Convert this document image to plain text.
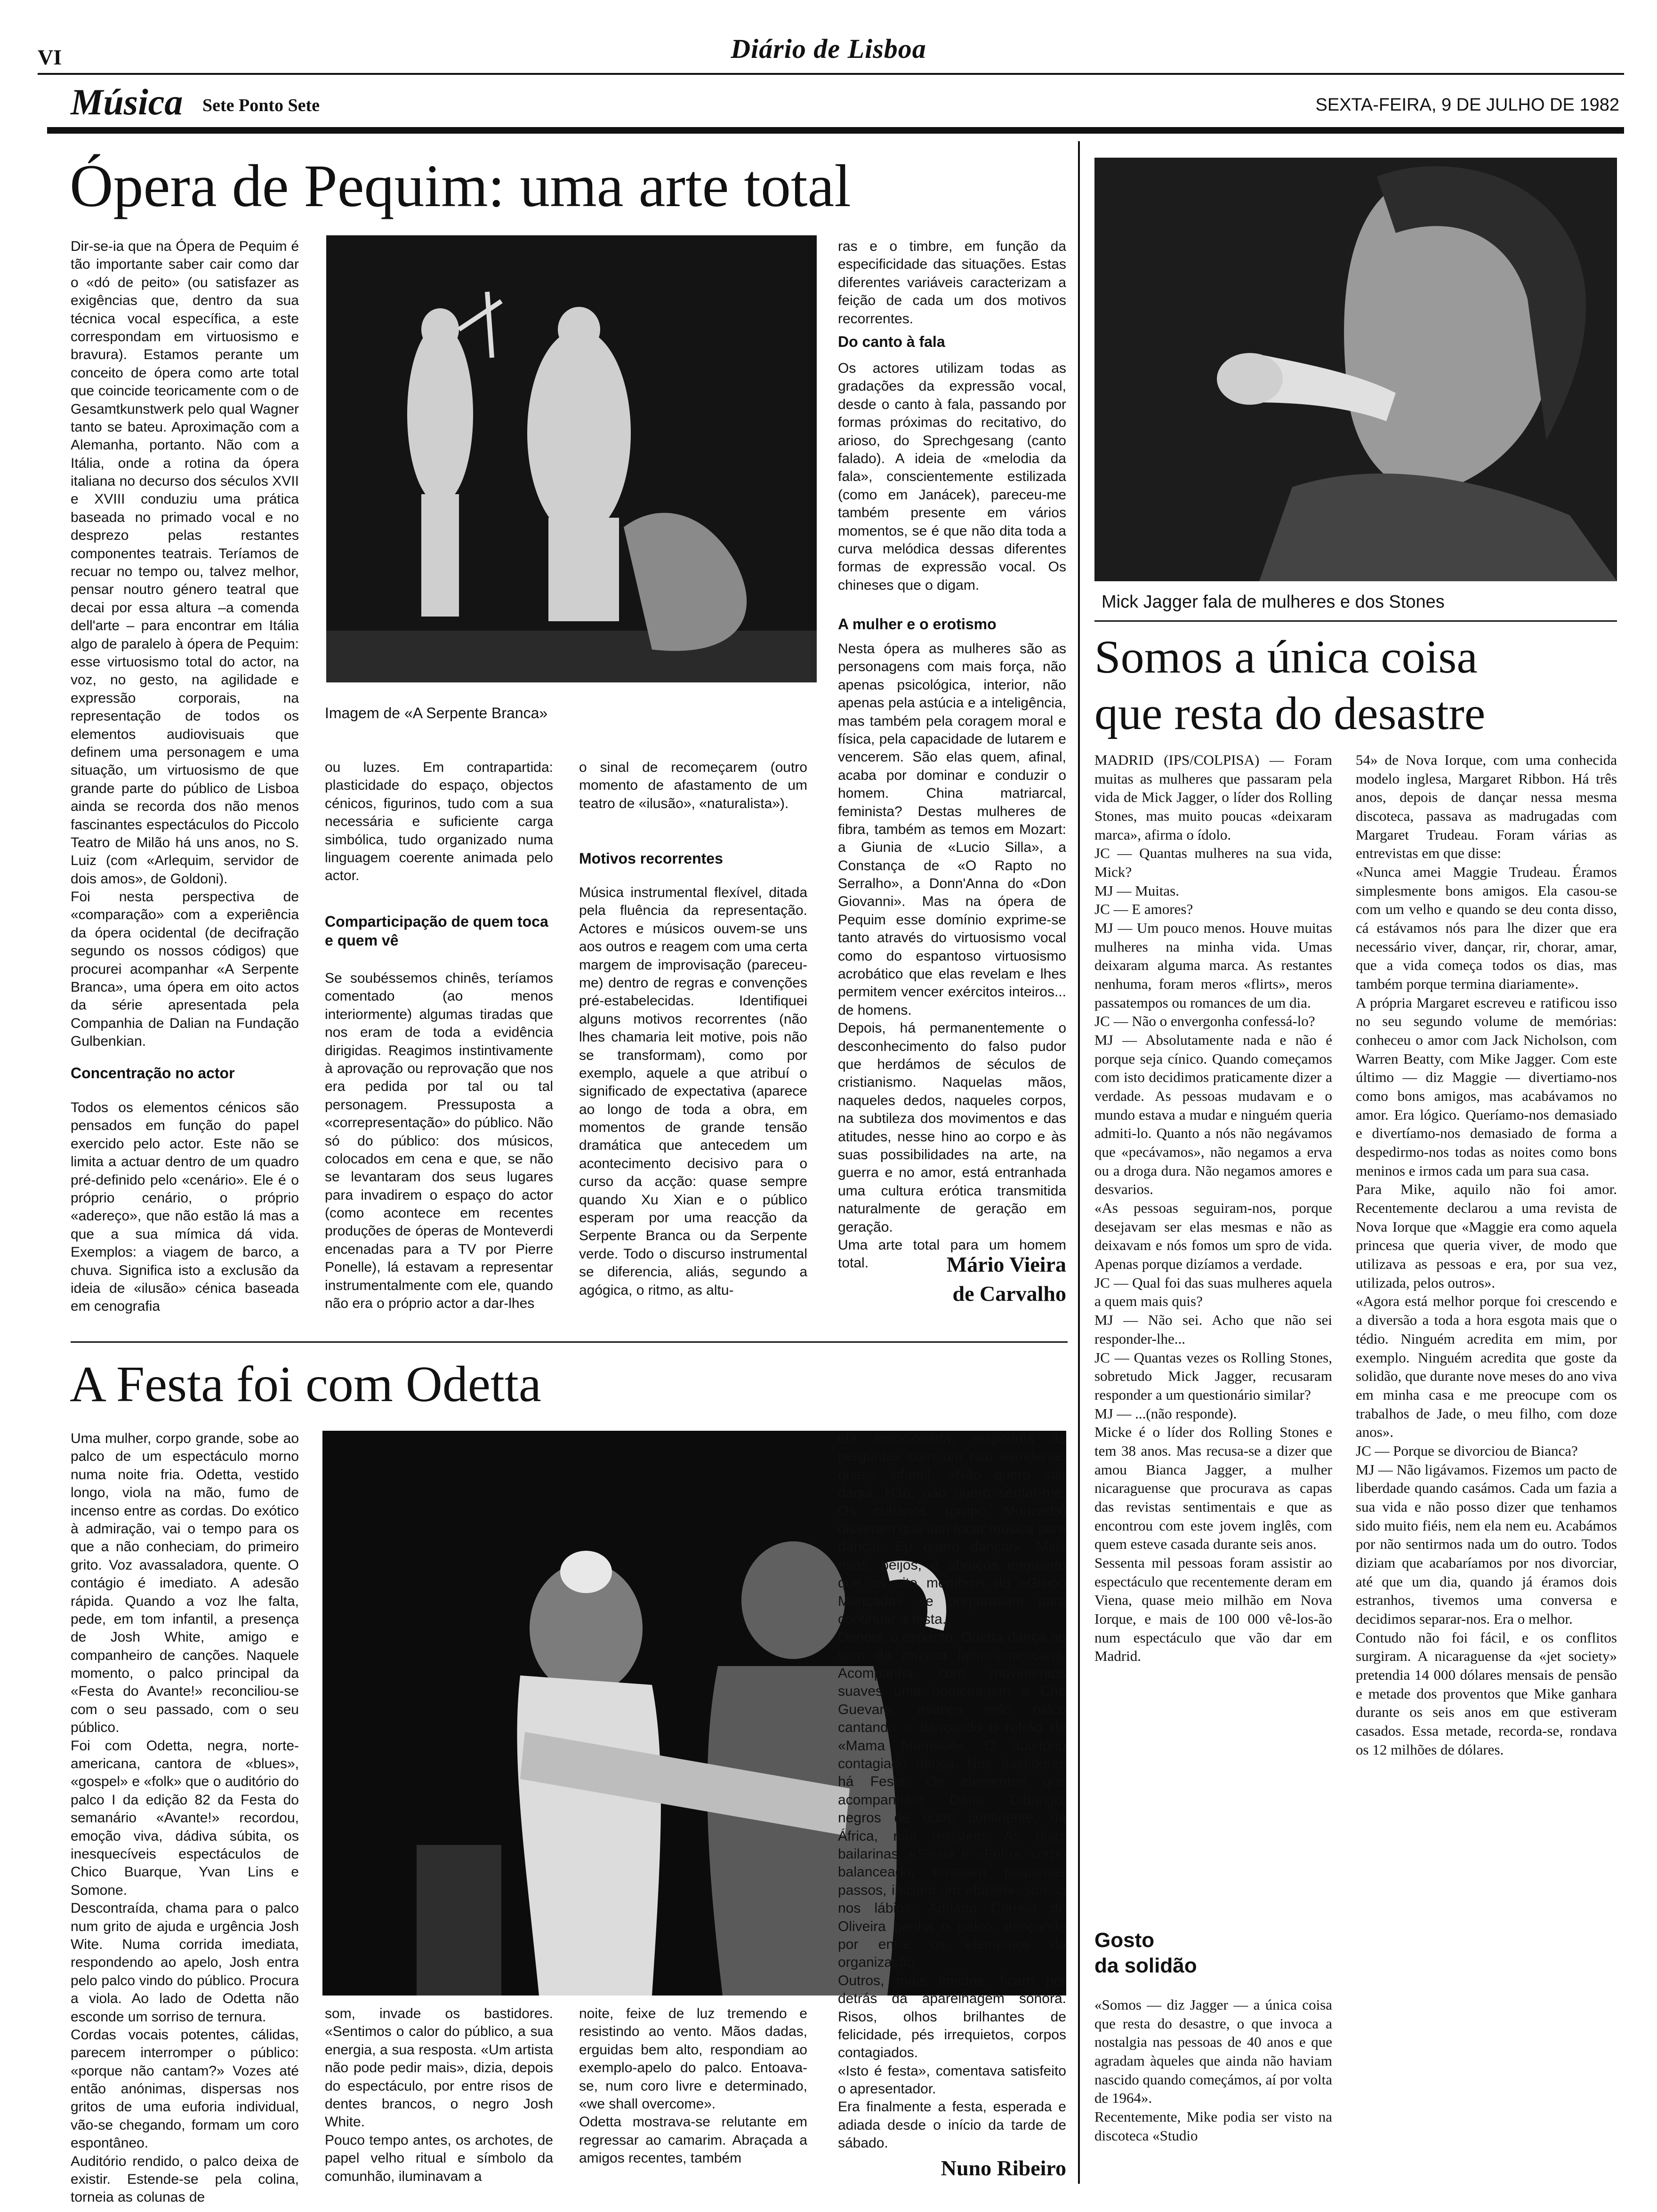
VI	Diário de Lisboa
Música Sete Ponto Sete	SEXTA-FEIRA, 9 DE JULHO DE 1982
Ópera de Pequim: uma arte total
Dir-se-ia que na Ópera de Pequim é tão importante saber cair como dar o «dó de peito» (ou satisfazer as exigências que, dentro da sua técnica vocal específica, a este correspondam em virtuosismo e bravura). Estamos perante um conceito de ópera como arte total que coincide teoricamente com o de Gesamtkunstwerk pelo qual Wagner tanto se bateu. Aproximação com a Alemanha, portanto. Não com a Itália, onde a rotina da ópera italiana no decurso dos séculos XVII e XVIII conduziu uma prática baseada no primado vocal e no desprezo pelas restantes componentes teatrais. Teríamos de recuar no tempo ou, talvez melhor, pensar noutro género teatral que decai por essa altura –a comenda dell'arte – para encontrar em Itália algo de paralelo à ópera de Pequim: esse virtuosismo total do actor, na voz, no gesto, na agilidade e expressão corporais, na representação de todos os elementos audiovisuais que definem uma personagem e uma situação, um virtuosismo de que grande parte do público de Lisboa ainda se recorda dos não menos fascinantes espectáculos do Piccolo Teatro de Milão há uns anos, no S. Luiz (com «Arlequim, servidor de dois amos», de Goldoni).
Foi nesta perspectiva de «comparação» com a experiência da ópera ocidental (de decifração segundo os nossos códigos) que procurei acompanhar «A Serpente Branca», uma ópera em oito actos da série apresentada pela Companhia de Dalian na Fundação Gulbenkian.
Concentração no actor
Todos os elementos cénicos são pensados em função do papel exercido pelo actor. Este não se limita a actuar dentro de um quadro pré-definido pelo «cenário». Ele é o próprio cenário, o próprio «adereço», que não estão lá mas a que a sua mímica dá vida. Exemplos: a viagem de barco, a chuva. Significa isto a exclusão da ideia de «ilusão» cénica baseada em cenografia
Imagem de «A Serpente Branca»
ou luzes. Em contrapartida: plasticidade do espaço, objectos cénicos, figurinos, tudo com a sua necessária e suficiente carga simbólica, tudo organizado numa linguagem coerente animada pelo actor.
Comparticipação de quem toca e quem vê
Se soubéssemos chinês, teríamos comentado (ao menos interiormente) algumas tiradas que nos eram de toda a evidência dirigidas. Reagimos instintivamente à aprovação ou reprovação que nos era pedida por tal ou tal personagem. Pressuposta a «correpresentação» do público. Não só do público: dos músicos, colocados em cena e que, se não se levantaram dos seus lugares para invadirem o espaço do actor (como acontece em recentes produções de óperas de Monteverdi encenadas para a TV por Pierre Ponelle), lá estavam a representar instrumentalmente com ele, quando não era o próprio actor a dar-lhes
o sinal de recomeçarem (outro momento de afastamento de um teatro de «ilusão», «naturalista»).
Motivos recorrentes
Música instrumental flexível, ditada pela fluência da representação. Actores e músicos ouvem-se uns aos outros e reagem com uma certa margem de improvisação (pareceu-me) dentro de regras e convenções pré-estabelecidas. Identifiquei alguns motivos recorrentes (não lhes chamaria leit motive, pois não se transformam), como por exemplo, aquele a que atribuí o significado de expectativa (aparece ao longo de toda a obra, em momentos de grande tensão dramática que antecedem um acontecimento decisivo para o curso da acção: quase sempre quando Xu Xian e o público esperam por uma reacção da Serpente Branca ou da Serpente verde. Todo o discurso instrumental se diferencia, aliás, segundo a agógica, o ritmo, as altu-
ras e o timbre, em função da especificidade das situações. Estas diferentes variáveis caracterizam a feição de cada um dos motivos recorrentes.
Do canto à fala
Os actores utilizam todas as gradações da expressão vocal, desde o canto à fala, passando por formas próximas do recitativo, do arioso, do Sprechgesang (canto falado). A ideia de «melodia da fala», conscientemente estilizada (como em Janácek), pareceu-me também presente em vários momentos, se é que não dita toda a curva melódica dessas diferentes formas de expressão vocal. Os chineses que o digam.
A mulher e o erotismo
Nesta ópera as mulheres são as personagens com mais força, não apenas psicológica, interior, não apenas pela astúcia e a inteligência, mas também pela coragem moral e física, pela capacidade de lutarem e vencerem. São elas quem, afinal, acaba por dominar e conduzir o homem. China matriarcal, feminista? Destas mulheres de fibra, também as temos em Mozart: a Giunia de «Lucio Silla», a Constança de «O Rapto no Serralho», a Donn'Anna do «Don Giovanni». Mas na ópera de Pequim esse domínio exprime-se tanto através do virtuosismo vocal como do espantoso virtuosismo acrobático que elas revelam e lhes permitem vencer exércitos inteiros... de homens.
Depois, há permanentemente o desconhecimento do falso pudor que herdámos de séculos de cristianismo. Naquelas mãos, naqueles dedos, naqueles corpos, na subtileza dos movimentos e das atitudes, nesse hino ao corpo e às suas possibilidades na arte, na guerra e no amor, está entranhada uma cultura erótica transmitida naturalmente de geração em geração.
Uma arte total para um homem total.	Mário Vieira
de Carvalho
A Festa foi com Odetta
Uma mulher, corpo grande, sobe ao palco de um espectáculo morno numa noite fria. Odetta, vestido longo, viola na mão, fumo de incenso entre as cordas. Do exótico à admiração, vai o tempo para os que a não conheciam, do primeiro grito. Voz avassaladora, quente. O contágio é imediato. A adesão rápida. Quando a voz lhe falta, pede, em tom infantil, a presença de Josh White, amigo e companheiro de canções. Naquele momento, o palco principal da «Festa do Avante!» reconciliou-se com o seu passado, com o seu público.
Foi com Odetta, negra, norte-americana, cantora de «blues», «gospel» e «folk» que o auditório do palco I da edição 82 da Festa do semanário «Avante!» recordou, emoção viva, dádiva súbita, os inesquecíveis espectáculos de Chico Buarque, Yvan Lins e Somone.
Descontraída, chama para o palco num grito de ajuda e urgência Josh Wite. Numa corrida imediata, respondendo ao apelo, Josh entra pelo palco vindo do público. Procura a viola. Ao lado de Odetta não esconde um sorriso de ternura.
Cordas vocais potentes, cálidas, parecem interromper o público: «porque não cantam?» Vozes até então anónimas, dispersas nos gritos de uma euforia individual, vão-se chegando, formam um coro espontâneo.
Auditório rendido, o palco deixa de existir. Estende-se pela colina, torneia as colunas de
som, invade os bastidores. «Sentimos o calor do público, a sua energia, a sua resposta. «Um artista não pode pedir mais», dizia, depois do espectáculo, por entre risos de dentes brancos, o negro Josh White.
Pouco tempo antes, os archotes, de papel velho ritual e símbolo da comunhão, iluminavam a
noite, feixe de luz tremendo e resistindo ao vento. Mãos dadas, erguidas bem alto, respondiam ao exemplo-apelo do palco. Entoava-se, num coro livre e determinado, «we shall overcome».
Odetta mostrava-se relutante em regressar ao camarim. Abraçada a amigos recentes, também
ela emocionada, respondia às perguntas com um riso estridente, quase infantil. «Não quero sair daqui. Não, não quero sentar-me. Os cubanos (grupo Moncada) disseram que iam tocar música para dançar. Eu quero dançar». Mais risos, beijos, e abraços enquanto que os oito membros do «Grupo Moncada» se preparavam para continuar a festa.
Depois, o espanto. Odetta dança ao som da música latino-americana. Acompanha com movimentos suaves uma homenagem a Che Guevara, avança pelo palco cantando e dançando o refrão de «Mama Mamaué». O auditório contagiado dança. Nos bastidores há Festa. Os elementos que acompanham Danu Dibango, negros de outro continente, da África, não resistem. As duas bailarinas, «Sissi» e «Fofo», corpo balanceado, ensaiam pequenos passos, iniciam um «ballet», sorriso nos lábios. Adriano Correia de Oliveira ganha o palco, dançando por entre os elementos da organização.
Outros, mais tímidos, ficam por detrás da aparelhagem sonora. Risos, olhos brilhantes de felicidade, pés irrequietos, corpos contagiados.
«Isto é festa», comentava satisfeito o apresentador.
Era finalmente a festa, esperada e adiada desde o início da tarde de sábado.
Nuno Ribeiro
Mick Jagger fala de mulheres e dos Stones
Somos a única coisa
que resta do desastre
MADRID (IPS/COLPISA) — Foram muitas as mulheres que passaram pela vida de Mick Jagger, o líder dos Rolling Stones, mas muito poucas «deixaram marca», afirma o ídolo.
JC — Quantas mulheres na sua vida, Mick?
MJ — Muitas.
JC — E amores?
MJ — Um pouco menos. Houve muitas mulheres na minha vida. Umas deixaram alguma marca. As restantes nenhuma, foram meros «flirts», meros passatempos ou romances de um dia.
JC — Não o envergonha confessá-lo?
MJ — Absolutamente nada e não é porque seja cínico. Quando começamos com isto decidimos praticamente dizer a verdade. As pessoas mudavam e o mundo estava a mudar e ninguém queria admiti-lo. Quanto a nós não negávamos que «pecávamos», não negamos a erva ou a droga dura. Não negamos amores e desvarios.
«As pessoas seguiram-nos, porque desejavam ser elas mesmas e não as deixavam e nós fomos um spro de vida. Apenas porque dizíamos a verdade.
JC — Qual foi das suas mulheres aquela a quem mais quis?
MJ — Não sei. Acho que não sei responder-lhe...
JC — Quantas vezes os Rolling Stones, sobretudo Mick Jagger, recusaram responder a um questionário similar?
MJ — ...(não responde).
Micke é o líder dos Rolling Stones e tem 38 anos. Mas recusa-se a dizer que amou Bianca Jagger, a mulher nicaraguense que procurava as capas das revistas sentimentais e que as encontrou com este jovem inglês, com quem esteve casada durante seis anos.
Sessenta mil pessoas foram assistir ao espectáculo que recentemente deram em Viena, quase meio milhão em Nova Iorque, e mais de 100 000 vê-los-ão num espectáculo que vão dar em Madrid.
Gosto
da solidão
«Somos — diz Jagger — a única coisa que resta do desastre, o que invoca a nostalgia nas pessoas de 40 anos e que agradam àqueles que ainda não haviam nascido quando começámos, aí por volta de 1964».
Recentemente, Mike podia ser visto na discoteca «Studio
54» de Nova Iorque, com uma conhecida modelo inglesa, Margaret Ribbon. Há três anos, depois de dançar nessa mesma discoteca, passava as madrugadas com Margaret Trudeau. Foram várias as entrevistas em que disse:
«Nunca amei Maggie Trudeau. Éramos simplesmente bons amigos. Ela casou-se com um velho e quando se deu conta disso, cá estávamos nós para lhe dizer que era necessário viver, dançar, rir, chorar, amar, que a vida começa todos os dias, mas também porque termina diariamente».
A própria Margaret escreveu e ratificou isso no seu segundo volume de memórias: conheceu o amor com Jack Nicholson, com Warren Beatty, com Mike Jagger. Com este último — diz Maggie — divertiamo-nos como bons amigos, mas acabávamos no amor. Era lógico. Queríamo-nos demasiado e divertíamo-nos demasiado de forma a despedirmo-nos todas as noites como bons meninos e irmos cada um para sua casa.
Para Mike, aquilo não foi amor. Recentemente declarou a uma revista de Nova Iorque que «Maggie era como aquela princesa que queria viver, de modo que utilizava as pessoas e era, por sua vez, utilizada, pelos outros».
«Agora está melhor porque foi crescendo e a diversão a toda a hora esgota mais que o tédio. Ninguém acredita em mim, por exemplo. Ninguém acredita que goste da solidão, que durante nove meses do ano viva em minha casa e me preocupe com os trabalhos de Jade, o meu filho, com doze anos».
JC — Porque se divorciou de Bianca?
MJ — Não ligávamos. Fizemos um pacto de liberdade quando casámos. Cada um fazia a sua vida e não posso dizer que tenhamos sido muito fiéis, nem ela nem eu. Acabámos por não sentirmos nada um do outro. Todos diziam que acabaríamos por nos divorciar, até que um dia, quando já éramos dois estranhos, tivemos uma conversa e decidimos separar-nos. Era o melhor.
Contudo não foi fácil, e os conflitos surgiram. A nicaraguense da «jet society» pretendia 14 000 dólares mensais de pensão e metade dos proventos que Mike ganhara durante os seis anos em que estiveram casados. Essa metade, recorda-se, rondava os 12 milhões de dólares.
